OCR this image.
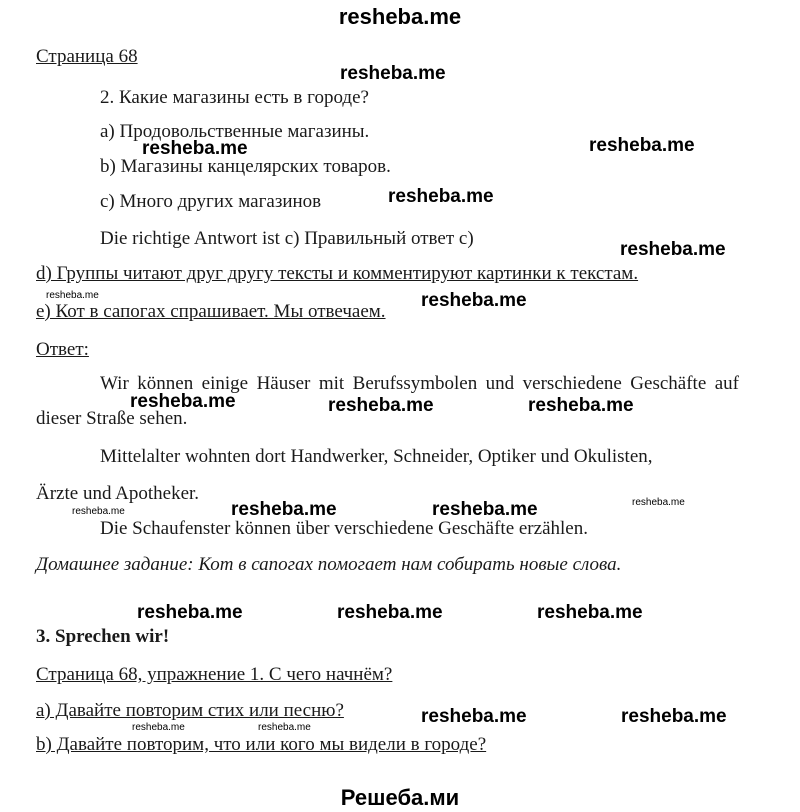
resheba.me
Страница 68
2. Какие магазины есть в городе?
а) Продовольственные магазины.
b) Магазины канцелярских товаров.
с) Много других магазинов
Die richtige Antwort ist с) Правильный ответ с)
d) Группы читают друг другу тексты и комментируют картинки к текстам.
е) Кот в сапогах спрашивает. Мы отвечаем.
Ответ:
Wir können einige Häuser mit Berufssymbolen und verschiedene Geschäfte auf dieser Straße sehen.
Mittelalter wohnten dort Handwerker, Schneider, Optiker und Okulisten,
Ärzte und Apotheker.
Die Schaufenster können über verschiedene Geschäfte erzählen.
Домашнее задание: Кот в сапогах помогает нам собирать новые слова.
3. Sprechen wir!
Страница 68, упражнение 1. С чего начнём?
а) Давайте повторим стих или песню?
b) Давайте повторим, что или кого мы видели в городе?
Решеба.ми
resheba.me
resheba.me	resheba.me
resheba.me
resheba.me
resheba.me	resheba.me
resheba.me	resheba.me	resheba.me
resheba.me	resheba.me	resheba.me	resheba.me
resheba.me	resheba.me	resheba.me
resheba.me	resheba.me
resheba.me	resheba.me
